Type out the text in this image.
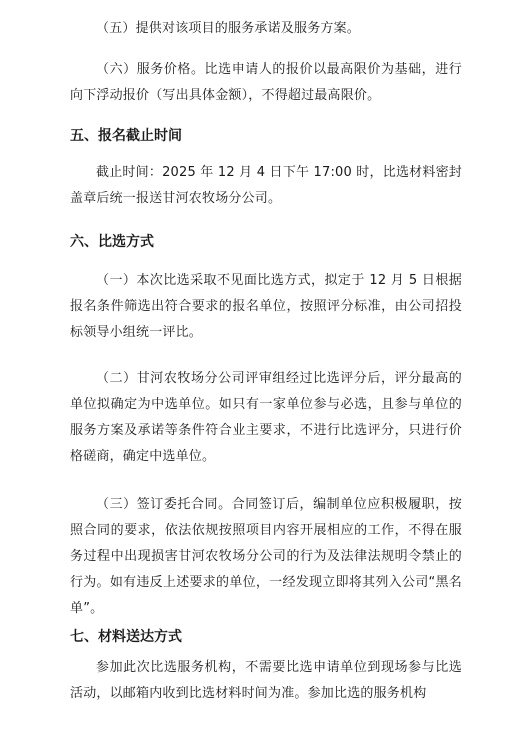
（五）提供对该项目的服务承诺及服务方案。

（六）服务价格。比选申请人的报价以最高限价为基础，进行向下浮动报价（写出具体金额），不得超过最高限价。

五、报名截止时间

截止时间：2025 年 12 月 4 日下午 17:00 时，比选材料密封盖章后统一报送甘河农牧场分公司。

六、比选方式

（一）本次比选采取不见面比选方式，拟定于 12 月 5 日根据报名条件筛选出符合要求的报名单位，按照评分标准，由公司招投标领导小组统一评比。

（二）甘河农牧场分公司评审组经过比选评分后，评分最高的单位拟确定为中选单位。如只有一家单位参与必选，且参与单位的服务方案及承诺等条件符合业主要求，不进行比选评分，只进行价格磋商，确定中选单位。

（三）签订委托合同。合同签订后，编制单位应积极履职，按照合同的要求，依法依规按照项目内容开展相应的工作，不得在服务过程中出现损害甘河农牧场分公司的行为及法律法规明令禁止的行为。如有违反上述要求的单位，一经发现立即将其列入公司“黑名单”。

七、材料送达方式

参加此次比选服务机构，不需要比选申请单位到现场参与比选活动，以邮箱内收到比选材料时间为准。参加比选的服务机构
